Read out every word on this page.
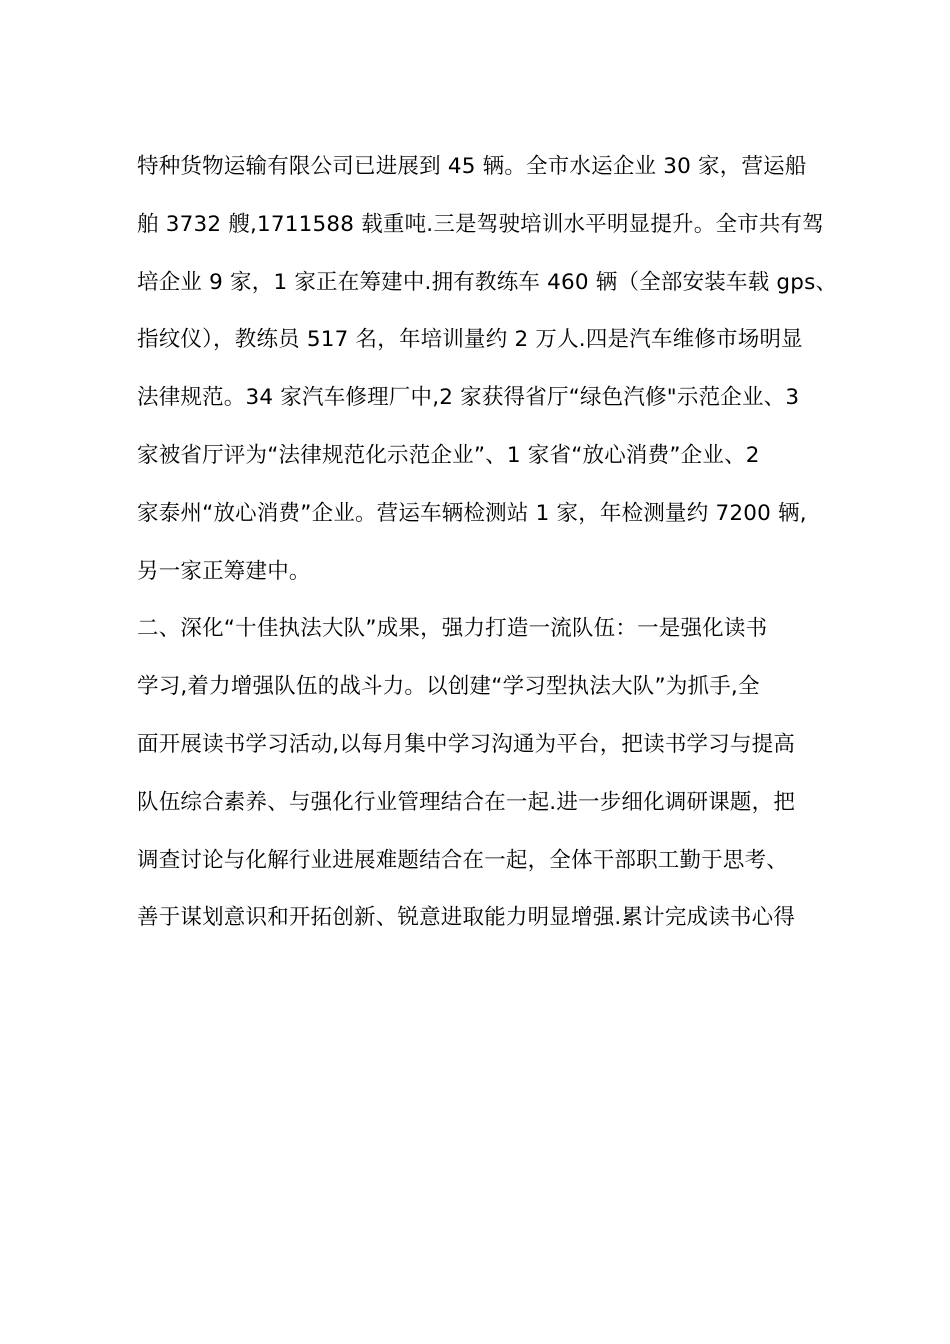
特种货物运输有限公司已进展到 45 辆。全市水运企业 30 家，营运船
舶 3732 艘,1711588 载重吨.三是驾驶培训水平明显提升。全市共有驾
培企业 9 家，1 家正在筹建中.拥有教练车 460 辆（全部安装车载 gps、
指纹仪），教练员 517 名，年培训量约 2 万人.四是汽车维修市场明显
法律规范。34 家汽车修理厂中,2 家获得省厅“绿色汽修"示范企业、3
家被省厅评为“法律规范化示范企业”、1 家省“放心消费”企业、2
家泰州“放心消费”企业。营运车辆检测站 1 家，年检测量约 7200 辆,
另一家正筹建中。
二、深化“十佳执法大队”成果，强力打造一流队伍：一是强化读书
学习,着力增强队伍的战斗力。以创建“学习型执法大队”为抓手,全
面开展读书学习活动,以每月集中学习沟通为平台，把读书学习与提高
队伍综合素养、与强化行业管理结合在一起.进一步细化调研课题，把
调查讨论与化解行业进展难题结合在一起，全体干部职工勤于思考、
善于谋划意识和开拓创新、锐意进取能力明显增强.累计完成读书心得
